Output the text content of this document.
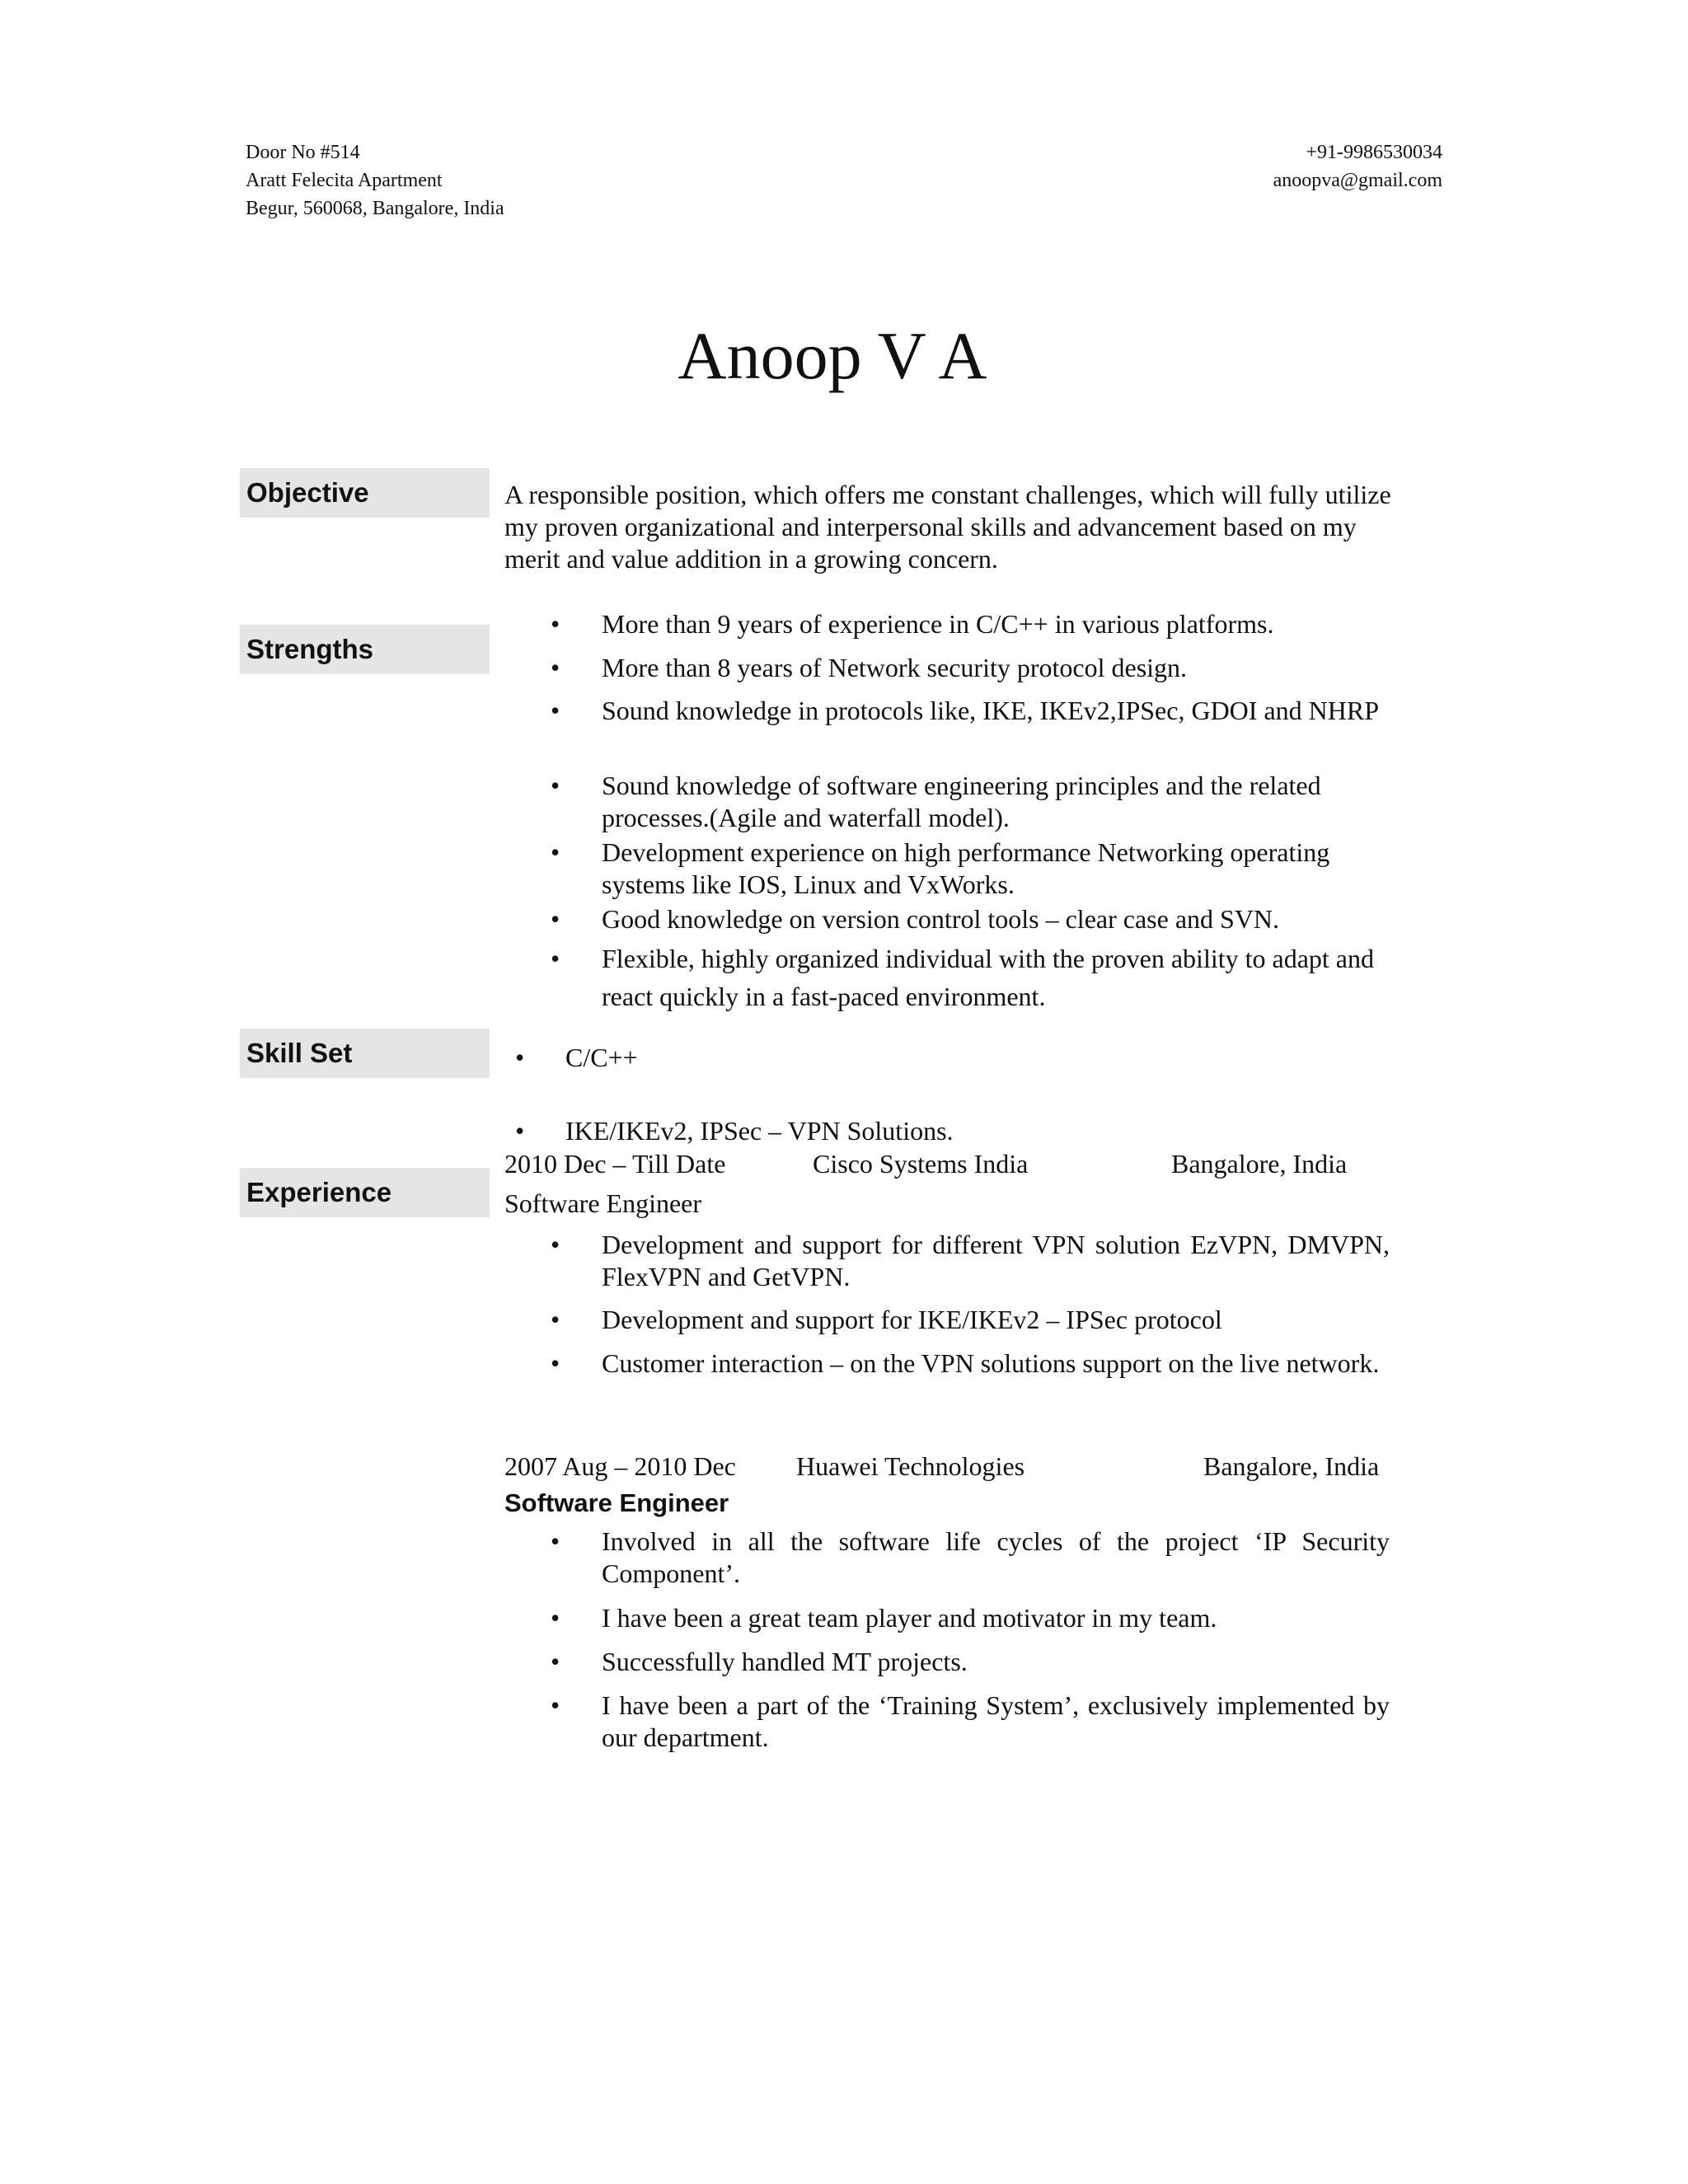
Door No #514
Aratt Felecita Apartment
Begur, 560068, Bangalore, India
+91-9986530034
anoopva@gmail.com
Anoop V A
Objective	A responsible position, which offers me constant challenges, which will fully utilize my proven organizational and interpersonal skills and advancement based on my merit and value addition in a growing concern.
Strengths
• More than 9 years of experience in C/C++ in various platforms.
• More than 8 years of Network security protocol design.
• Sound knowledge in protocols like, IKE, IKEv2,IPSec, GDOI and NHRP
• Sound knowledge of software engineering principles and the related processes.(Agile and waterfall model).
• Development experience on high performance Networking operating systems like IOS, Linux and VxWorks.
• Good knowledge on version control tools – clear case and SVN.
• Flexible, highly organized individual with the proven ability to adapt and react quickly in a fast-paced environment.
Skill Set
•	C/C++
• IKE/IKEv2, IPSec – VPN Solutions.
Experience
2010 Dec – Till Date	Cisco Systems India	Bangalore, India
Software Engineer
• Development and support for different VPN solution EzVPN, DMVPN, FlexVPN and GetVPN.
• Development and support for IKE/IKEv2 – IPSec protocol
• Customer interaction – on the VPN solutions support on the live network.
2007 Aug – 2010 Dec Huawei Technologies	Bangalore, India
Software Engineer
• Involved in all the software life cycles of the project ‘IP Security Component’.
• I have been a great team player and motivator in my team.
• Successfully handled MT projects.
• I have been a part of the ‘Training System’, exclusively implemented by our department.
